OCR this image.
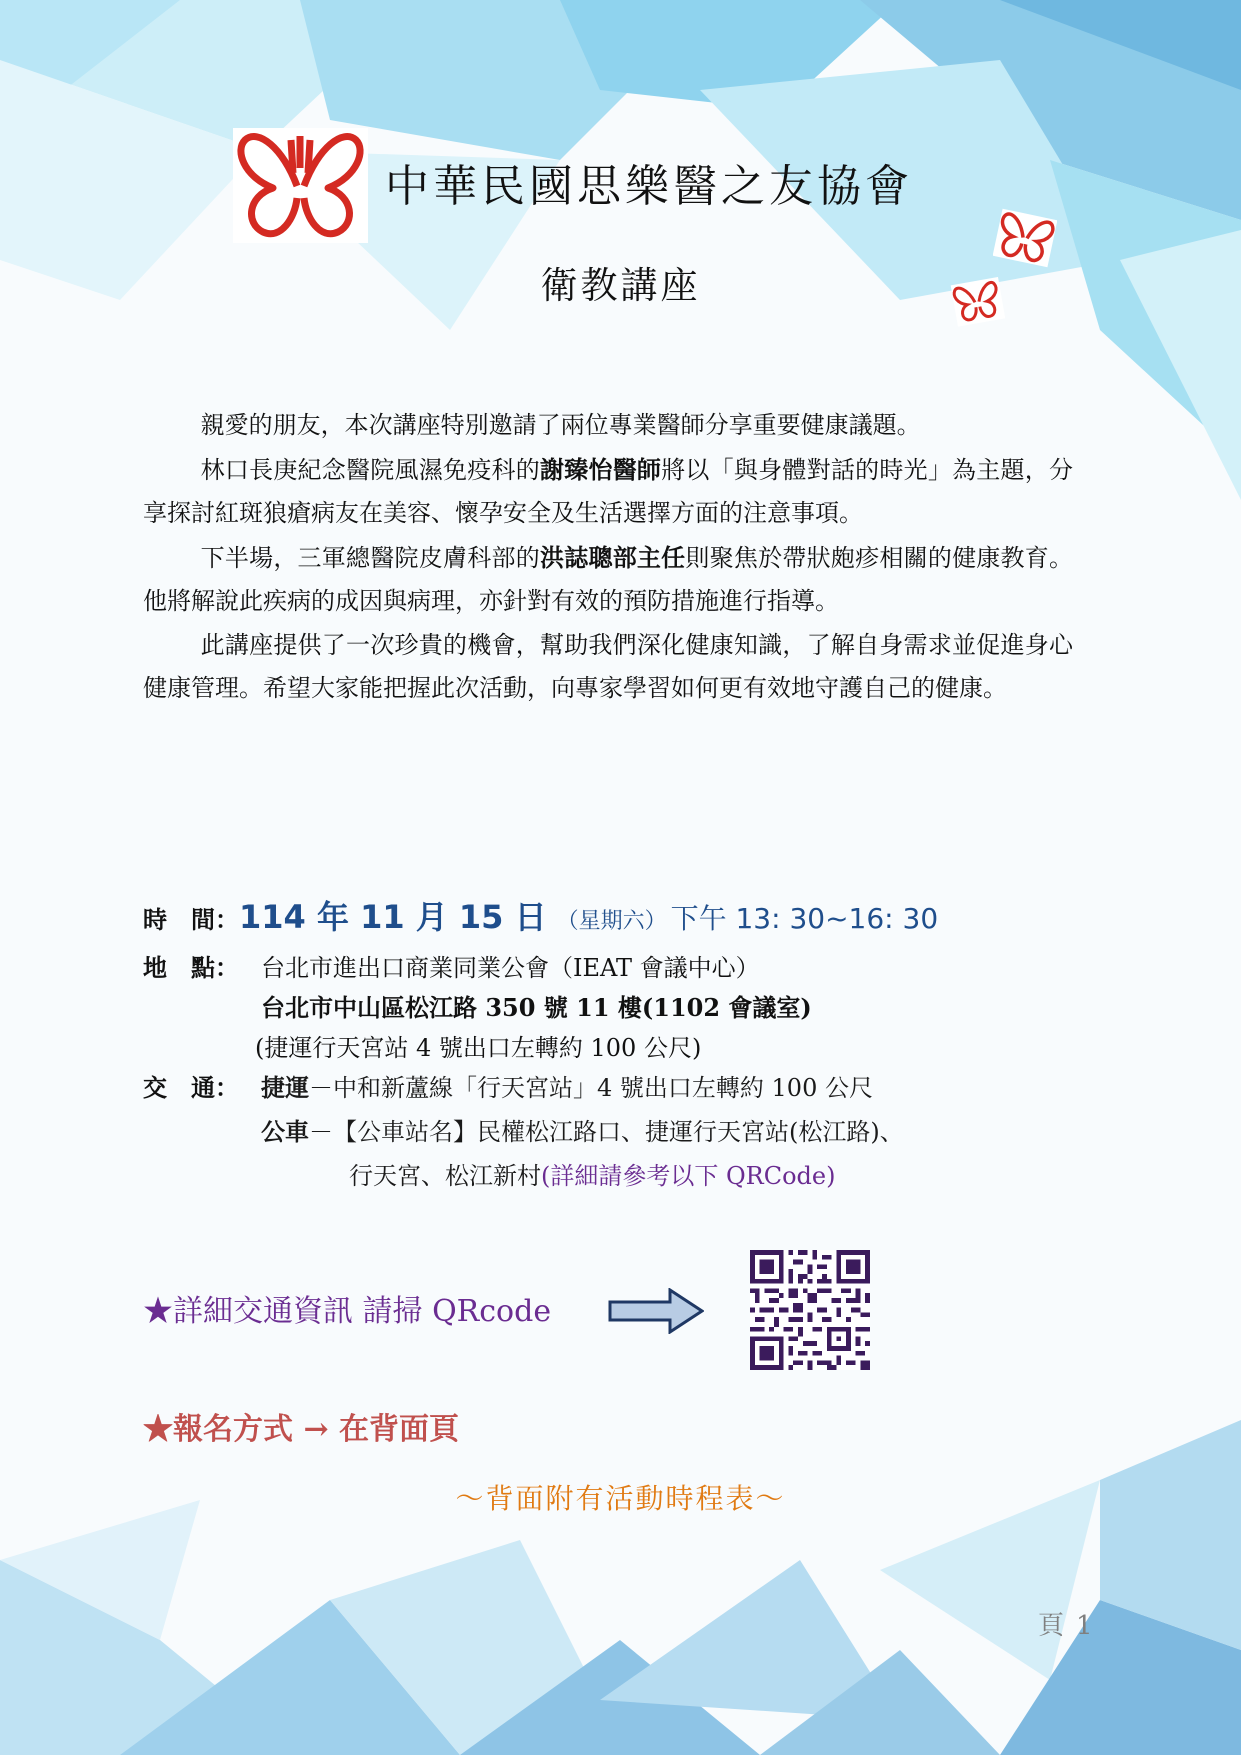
中華民國思樂醫之友協會
衛教講座

親愛的朋友，本次講座特別邀請了兩位專業醫師分享重要健康議題。

林口長庚紀念醫院風濕免疫科的謝臻怡醫師將以「與身體對話的時光」為主題，分享探討紅斑狼瘡病友在美容、懷孕安全及生活選擇方面的注意事項。

下半場，三軍總醫院皮膚科部的洪誌聰部主任則聚焦於帶狀皰疹相關的健康教育。他將解說此疾病的成因與病理，亦針對有效的預防措施進行指導。

此講座提供了一次珍貴的機會，幫助我們深化健康知識，了解自身需求並促進身心健康管理。希望大家能把握此次活動，向專家學習如何更有效地守護自己的健康。

時　間： 114 年 11 月 15 日 （星期六） 下午 13: 30~16: 30
地　點： 台北市進出口商業同業公會（IEAT 會議中心）
台北市中山區松江路 350 號 11 樓(1102 會議室)
(捷運行天宮站 4 號出口左轉約 100 公尺)
交　通： 捷運－中和新蘆線「行天宮站」4 號出口左轉約 100 公尺
公車－【公車站名】民權松江路口、捷運行天宮站(松江路)、
行天宮、松江新村(詳細請參考以下 QRCode)
★詳細交通資訊 請掃 QRcode
★報名方式 → 在背面頁
～背面附有活動時程表～
頁 1
